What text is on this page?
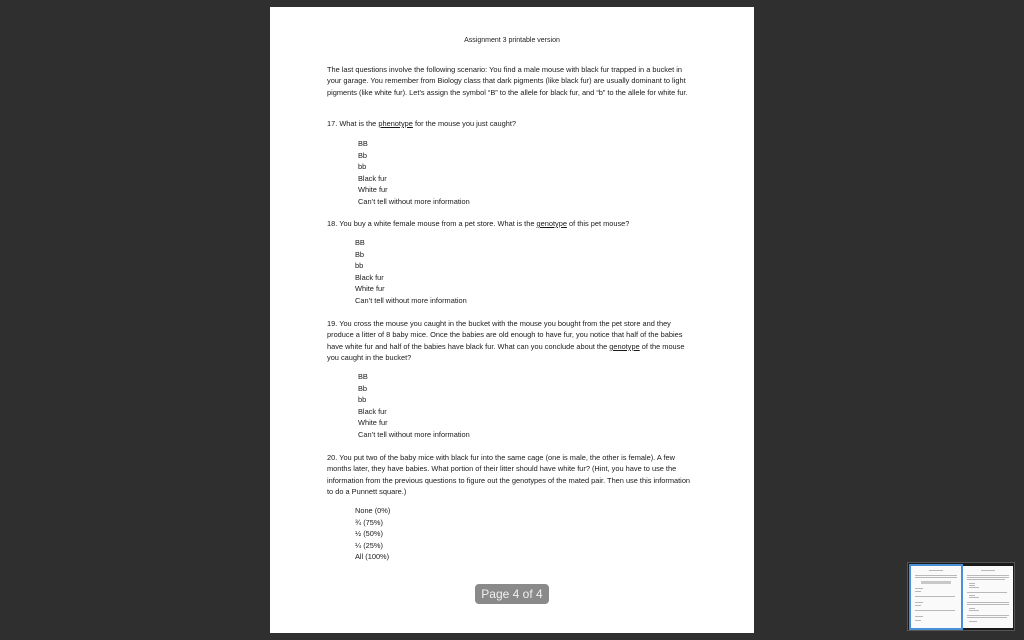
Assignment 3 printable version

The last questions involve the following scenario: You find a male mouse with black fur trapped in a bucket in your garage. You remember from Biology class that dark pigments (like black fur) are usually dominant to light pigments (like white fur). Let’s assign the symbol “B” to the allele for black fur, and “b” to the allele for white fur.

17. What is the phenotype for the mouse you just caught?

BB
Bb
bb
Black fur
White fur
Can’t tell without more information

18. You buy a white female mouse from a pet store. What is the genotype of this pet mouse?

BB
Bb
bb
Black fur
White fur
Can’t tell without more information

19. You cross the mouse you caught in the bucket with the mouse you bought from the pet store and they produce a litter of 8 baby mice. Once the babies are old enough to have fur, you notice that half of the babies have white fur and half of the babies have black fur. What can you conclude about the genotype of the mouse you caught in the bucket?

BB
Bb
bb
Black fur
White fur
Can’t tell without more information

20. You put two of the baby mice with black fur into the same cage (one is male, the other is female). A few months later, they have babies. What portion of their litter should have white fur? (Hint, you have to use the information from the previous questions to figure out the genotypes of the mated pair. Then use this information to do a Punnett square.)

None (0%)
¾ (75%)
½ (50%)
¼ (25%)
All (100%)
Page 4 of 4
